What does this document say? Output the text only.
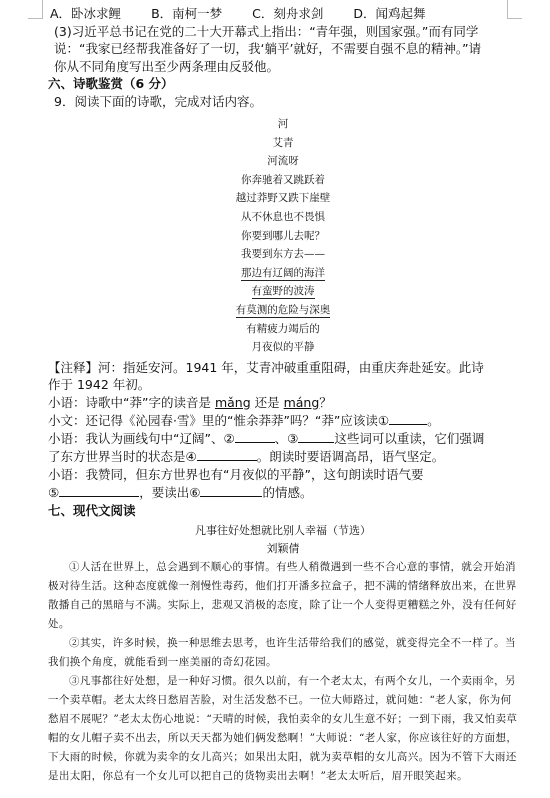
A．卧冰求鲤 B．南柯一梦 C．刻舟求剑 D．闻鸡起舞
(3)习近平总书记在党的二十大开幕式上指出：“青年强，则国家强。”而有同学
说：“我家已经帮我准备好了一切，我‘躺平’就好，不需要自强不息的精神。”请
你从不同角度写出至少两条理由反驳他。
六、诗歌鉴赏（6 分）
9．阅读下面的诗歌，完成对话内容。
河
艾青
河流呀
你奔驰着又跳跃着
越过莽野又跌下崖壁
从不休息也不畏惧
你要到哪儿去呢？
我要到东方去——
那边有辽阔的海洋
有蛮野的波涛
有莫测的危险与深奥
有精疲力竭后的
月夜似的平静
【注释】河：指延安河。1941 年，艾青冲破重重阻碍，由重庆奔赴延安。此诗
作于 1942 年初。
小语：诗歌中“莽”字的读音是 mǎng 还是 máng？
小文：还记得《沁园春·雪》里的“惟余莽莽”吗？“莽”应该读①	。
小语：我认为画线句中“辽阔”、②	、③	这些词可以重读，它们强调
了东方世界当时的状态是④	。朗读时要语调高昂，语气坚定。
小语：我赞同，但东方世界也有“月夜似的平静”，这句朗读时语气要
⑤	，要读出⑥	的情感。
七、现代文阅读
凡事往好处想就比别人幸福（节选）
刘颖倩
①人活在世界上，总会遇到不顺心的事情。有些人稍微遇到一些不合心意的事情，就会开始消极对待生活。这种态度就像一剂慢性毒药，他们打开潘多拉盒子，把不满的情绪释放出来，在世界散播自己的黑暗与不满。实际上，悲观又消极的态度，除了让一个人变得更糟糕之外，没有任何好处。
②其实，许多时候，换一种思维去思考，也许生活带给我们的感觉，就变得完全不一样了。当我们换个角度，就能看到一座美丽的奇幻花园。
③凡事都往好处想，是一种好习惯。很久以前，有一个老太太，有两个女儿，一个卖雨伞，另一个卖草帽。老太太终日愁眉苦脸，对生活发愁不已。一位大师路过，就问她：“老人家，你为何愁眉不展呢？”老太太伤心地说：“天晴的时候，我怕卖伞的女儿生意不好；一到下雨，我又怕卖草帽的女儿帽子卖不出去，所以天天都为她们俩发愁啊！”大师说：“老人家，你应该往好的方面想，下大雨的时候，你就为卖伞的女儿高兴；如果出太阳，就为卖草帽的女儿高兴。因为不管下大雨还是出太阳，你总有一个女儿可以把自己的货物卖出去啊！”老太太听后，眉开眼笑起来。
